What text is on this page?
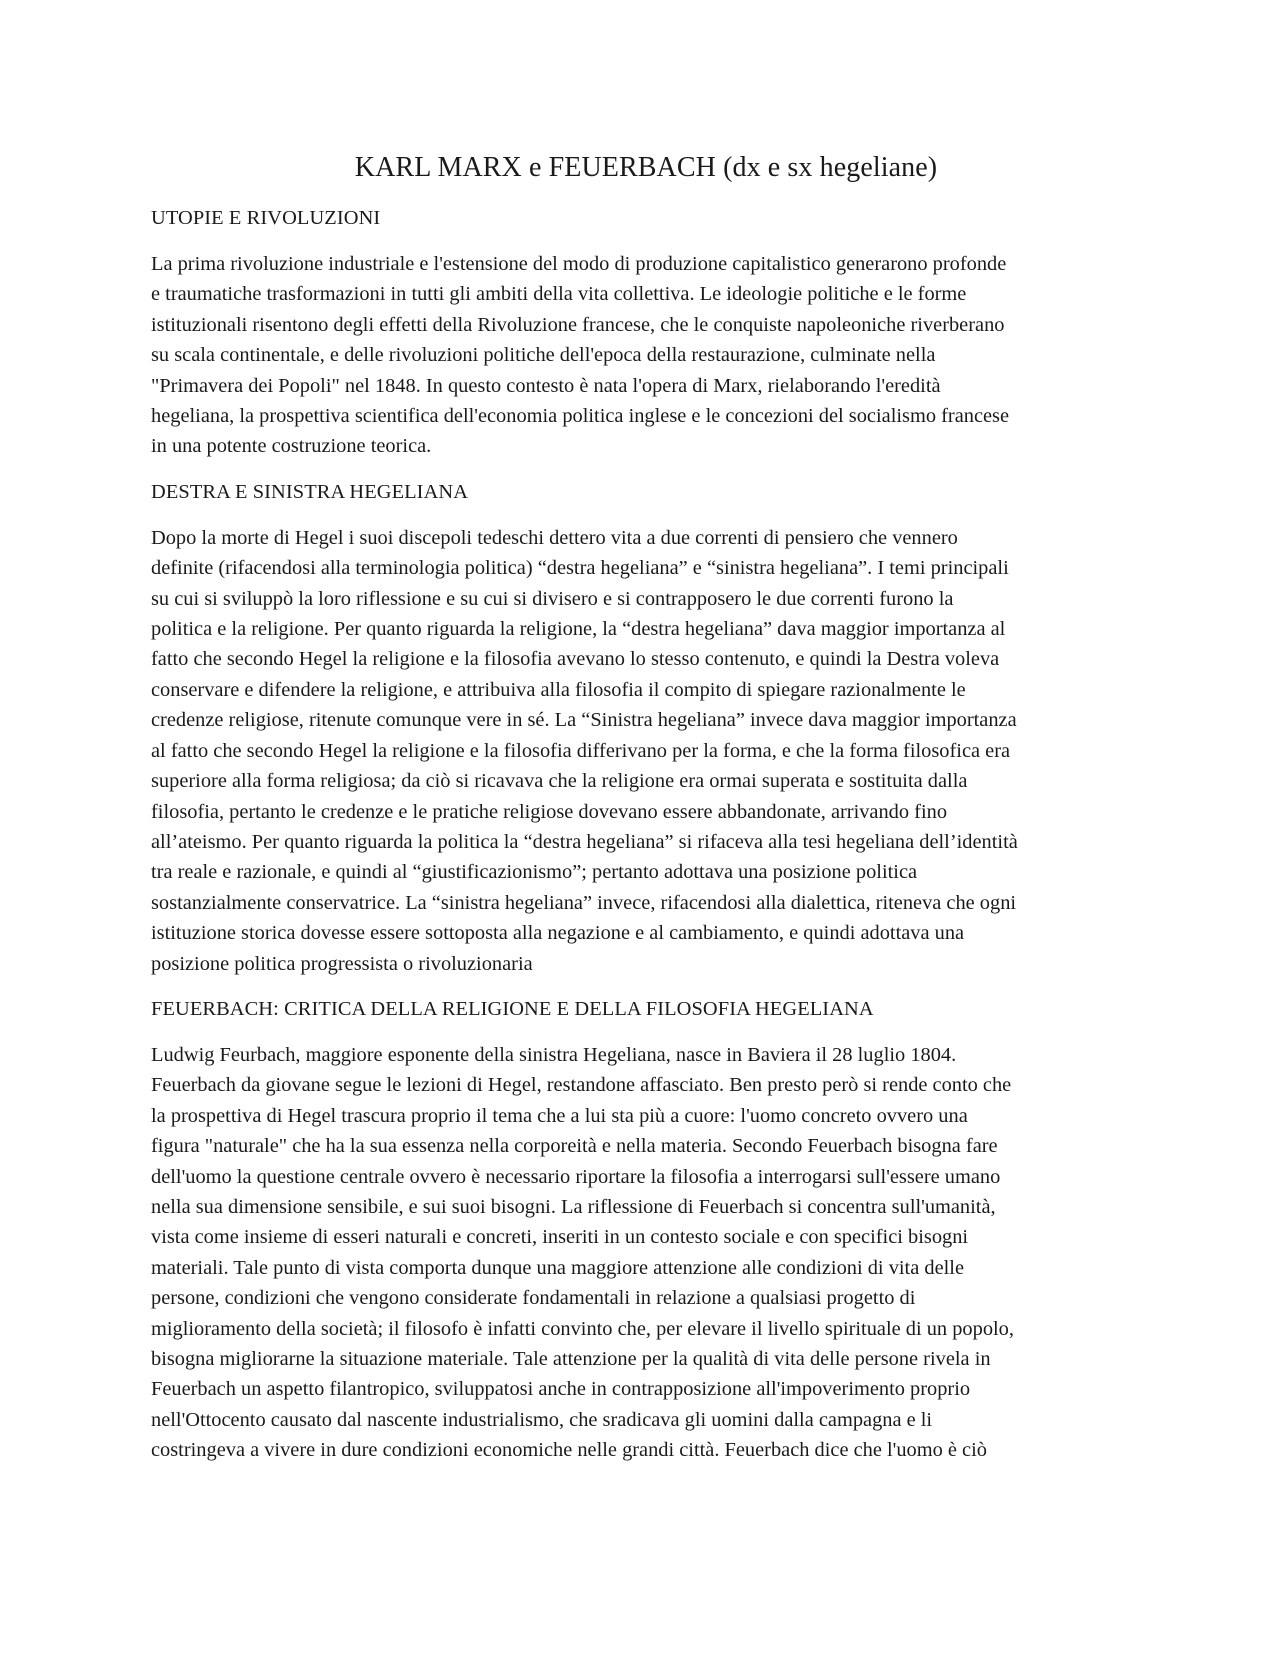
KARL MARX e FEUERBACH (dx e sx hegeliane)
UTOPIE E RIVOLUZIONI

La prima rivoluzione industriale e l'estensione del modo di produzione capitalistico generarono profonde
e traumatiche trasformazioni in tutti gli ambiti della vita collettiva. Le ideologie politiche e le forme
istituzionali risentono degli effetti della Rivoluzione francese, che le conquiste napoleoniche riverberano
su scala continentale, e delle rivoluzioni politiche dell'epoca della restaurazione, culminate nella
"Primavera dei Popoli" nel 1848. In questo contesto è nata l'opera di Marx, rielaborando l'eredità
hegeliana, la prospettiva scientifica dell'economia politica inglese e le concezioni del socialismo francese
in una potente costruzione teorica.

DESTRA E SINISTRA HEGELIANA

Dopo la morte di Hegel i suoi discepoli tedeschi dettero vita a due correnti di pensiero che vennero
definite (rifacendosi alla terminologia politica) “destra hegeliana” e “sinistra hegeliana”. I temi principali
su cui si sviluppò la loro riflessione e su cui si divisero e si contrapposero le due correnti furono la
politica e la religione. Per quanto riguarda la religione, la “destra hegeliana” dava maggior importanza al
fatto che secondo Hegel la religione e la filosofia avevano lo stesso contenuto, e quindi la Destra voleva
conservare e difendere la religione, e attribuiva alla filosofia il compito di spiegare razionalmente le
credenze religiose, ritenute comunque vere in sé. La “Sinistra hegeliana” invece dava maggior importanza
al fatto che secondo Hegel la religione e la filosofia differivano per la forma, e che la forma filosofica era
superiore alla forma religiosa; da ciò si ricavava che la religione era ormai superata e sostituita dalla
filosofia, pertanto le credenze e le pratiche religiose dovevano essere abbandonate, arrivando fino
all’ateismo. Per quanto riguarda la politica la “destra hegeliana” si rifaceva alla tesi hegeliana dell’identità
tra reale e razionale, e quindi al “giustificazionismo”; pertanto adottava una posizione politica
sostanzialmente conservatrice. La “sinistra hegeliana” invece, rifacendosi alla dialettica, riteneva che ogni
istituzione storica dovesse essere sottoposta alla negazione e al cambiamento, e quindi adottava una
posizione politica progressista o rivoluzionaria

FEUERBACH: CRITICA DELLA RELIGIONE E DELLA FILOSOFIA HEGELIANA

Ludwig Feurbach, maggiore esponente della sinistra Hegeliana, nasce in Baviera il 28 luglio 1804.
Feuerbach da giovane segue le lezioni di Hegel, restandone affasciato. Ben presto però si rende conto che
la prospettiva di Hegel trascura proprio il tema che a lui sta più a cuore: l'uomo concreto ovvero una
figura "naturale" che ha la sua essenza nella corporeità e nella materia. Secondo Feuerbach bisogna fare
dell'uomo la questione centrale ovvero è necessario riportare la filosofia a interrogarsi sull'essere umano
nella sua dimensione sensibile, e sui suoi bisogni. La riflessione di Feuerbach si concentra sull'umanità,
vista come insieme di esseri naturali e concreti, inseriti in un contesto sociale e con specifici bisogni
materiali. Tale punto di vista comporta dunque una maggiore attenzione alle condizioni di vita delle
persone, condizioni che vengono considerate fondamentali in relazione a qualsiasi progetto di
miglioramento della società; il filosofo è infatti convinto che, per elevare il livello spirituale di un popolo,
bisogna migliorarne la situazione materiale. Tale attenzione per la qualità di vita delle persone rivela in
Feuerbach un aspetto filantropico, sviluppatosi anche in contrapposizione all'impoverimento proprio
nell'Ottocento causato dal nascente industrialismo, che sradicava gli uomini dalla campagna e li
costringeva a vivere in dure condizioni economiche nelle grandi città. Feuerbach dice che l'uomo è ciò
